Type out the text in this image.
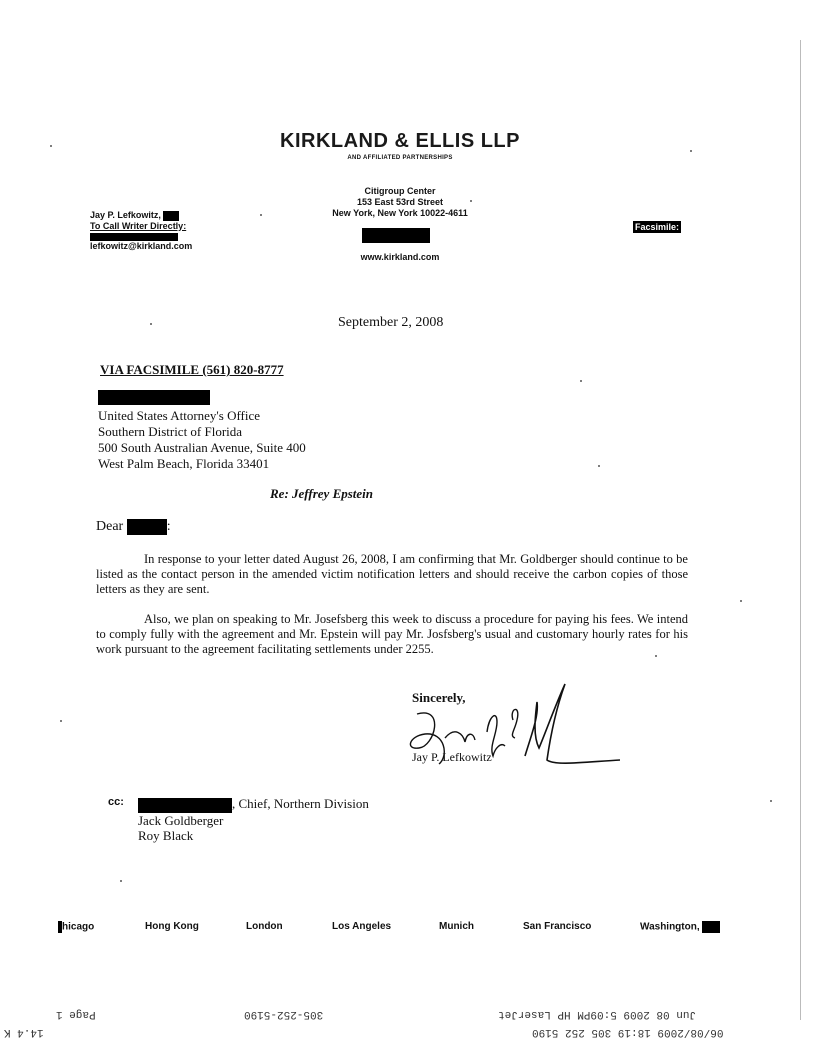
KIRKLAND & ELLIS LLP
AND AFFILIATED PARTNERSHIPS
Citigroup Center
153 East 53rd Street
New York, New York 10022-4611
www.kirkland.com
Jay P. Lefkowitz,
To Call Writer Directly:
lefkowitz@kirkland.com
Facsimile:
September 2, 2008
VIA FACSIMILE (561) 820-8777
United States Attorney's Office
Southern District of Florida
500 South Australian Avenue, Suite 400
West Palm Beach, Florida 33401
Re: Jeffrey Epstein
Dear	:
In response to your letter dated August 26, 2008, I am confirming that Mr. Goldberger should continue to be listed as the contact person in the amended victim notification letters and should receive the carbon copies of those letters as they are sent.
Also, we plan on speaking to Mr. Josefsberg this week to discuss a procedure for paying his fees. We intend to comply fully with the agreement and Mr. Epstein will pay Mr. Josfsberg's usual and customary hourly rates for his work pursuant to the agreement facilitating settlements under 2255.
Sincerely,
Jay P. Lefkowitz
cc:	, Chief, Northern Division
Jack Goldberger
Roy Black
hicago	Hong Kong	London	Los Angeles	Munich	San Francisco	Washington,
Page 1	305-252-5190	Jun 08 2009 5:09PM HP LaserJet
06/08/2009 18:19 305 252 5190
14.4 K
